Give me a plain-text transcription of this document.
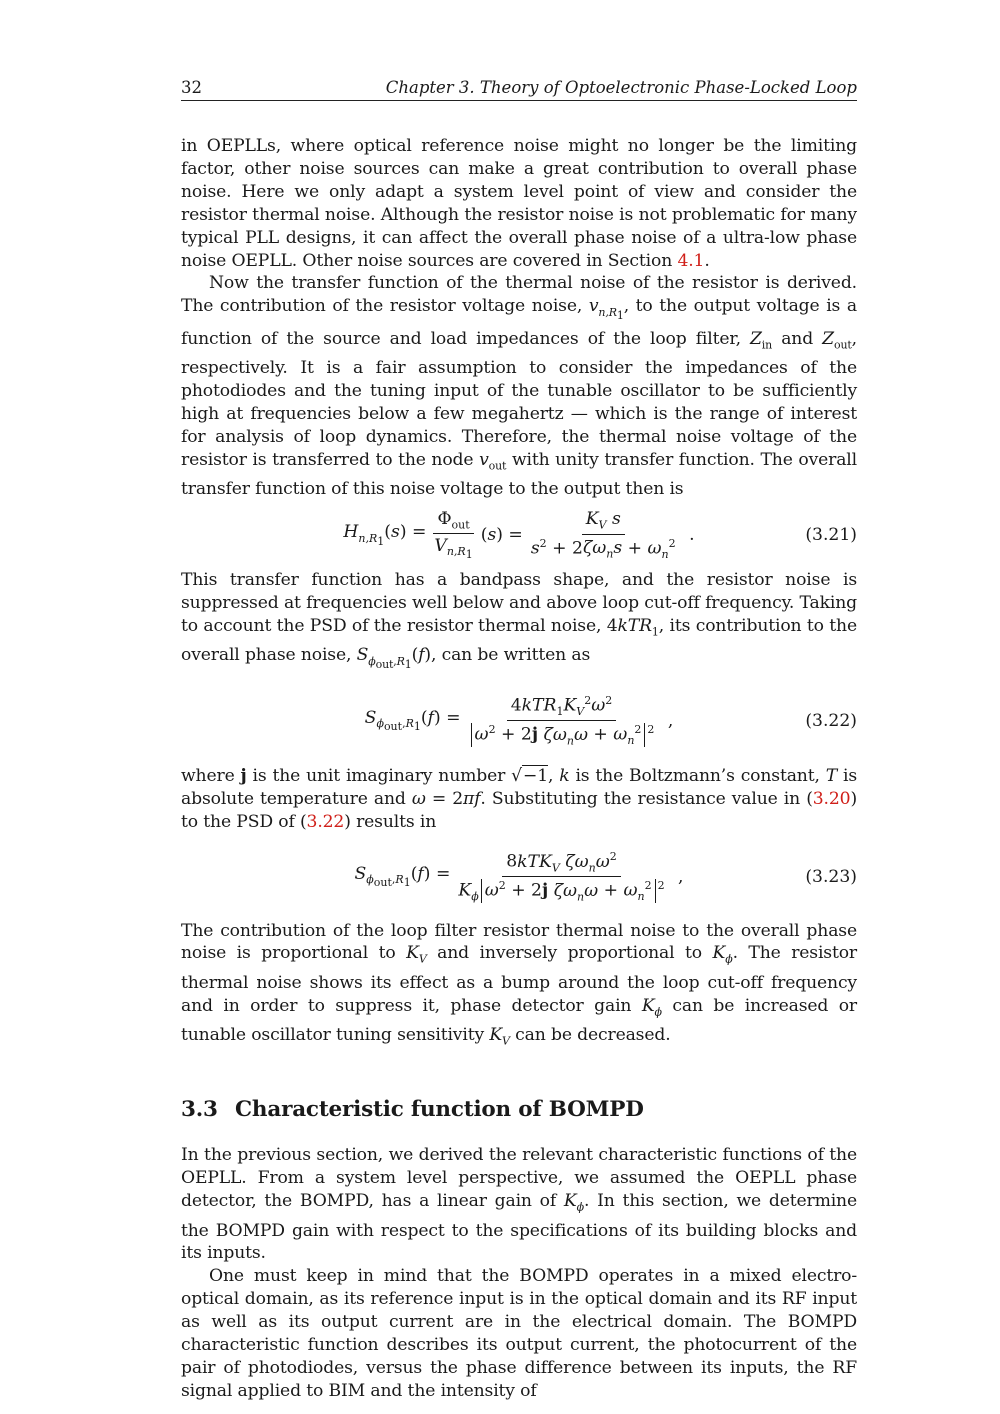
32	Chapter 3. Theory of Optoelectronic Phase-Locked Loop

in OEPLLs, where optical reference noise might no longer be the limiting factor, other noise sources can make a great contribution to overall phase noise. Here we only adapt a system level point of view and consider the resistor thermal noise. Although the resistor noise is not problematic for many typical PLL designs, it can affect the overall phase noise of a ultra-low phase noise OEPLL. Other noise sources are covered in Section 4.1.

Now the transfer function of the thermal noise of the resistor is derived. The contribution of the resistor voltage noise, $v_{n,R_1}$, to the output voltage is a function of the source and load impedances of the loop filter, $Z_{in}$ and $Z_{out}$, respectively. It is a fair assumption to consider the impedances of the photodiodes and the tuning input of the tunable oscillator to be sufficiently high at frequencies below a few megahertz — which is the range of interest for analysis of loop dynamics. Therefore, the thermal noise voltage of the resistor is transferred to the node $v_{out}$ with unity transfer function. The overall transfer function of this noise voltage to the output then is

$H_{n,R_1}(s) = \frac{\Phi_{out}}{V_{n,R_1}} (s) = \frac{K_V s}{s^2 + 2\zeta\omega_ns + \omega_n^2}$ .	(3.21)

This transfer function has a bandpass shape, and the resistor noise is suppressed at frequencies well below and above loop cut-off frequency. Taking to account the PSD of the resistor thermal noise, 4kTR$_1$, its contribution to the overall phase noise, $S_{\phi_{out},R_1}(f)$, can be written as

$S_{\phi_{out},R_1}(f) = \frac{4kTR_1K_V^2\omega^2}{\omega^2 + 2j \zeta\omega_n\omega + \omega_n^2 ^2}$ ,	(3.22)

where j is the unit imaginary number √−1, k is the Boltzmann’s constant, T is absolute temperature and ω = 2πf. Substituting the resistance value in (3.20) to the PSD of (3.22) results in

$S_{\phi_{out},R_1}(f) = \frac{8kTK_V \zeta\omega_n\omega^2}{K_\phi \omega^2 + 2j \zeta\omega_n\omega + \omega_n^2 ^2}$ ,	(3.23)

The contribution of the loop filter resistor thermal noise to the overall phase noise is proportional to $K_V$ and inversely proportional to $K_\phi$. The resistor thermal noise shows its effect as a bump around the loop cut-off frequency and in order to suppress it, phase detector gain $K_\phi$ can be increased or tunable oscillator tuning sensitivity $K_V$ can be decreased.

3.3 Characteristic function of BOMPD

In the previous section, we derived the relevant characteristic functions of the OEPLL. From a system level perspective, we assumed the OEPLL phase detector, the BOMPD, has a linear gain of $K_\phi$. In this section, we determine the BOMPD gain with respect to the specifications of its building blocks and its inputs.

One must keep in mind that the BOMPD operates in a mixed electro-optical domain, as its reference input is in the optical domain and its RF input as well as its output current are in the electrical domain. The BOMPD characteristic function describes its output current, the photocurrent of the pair of photodiodes, versus the phase difference between its inputs, the RF signal applied to BIM and the intensity of
